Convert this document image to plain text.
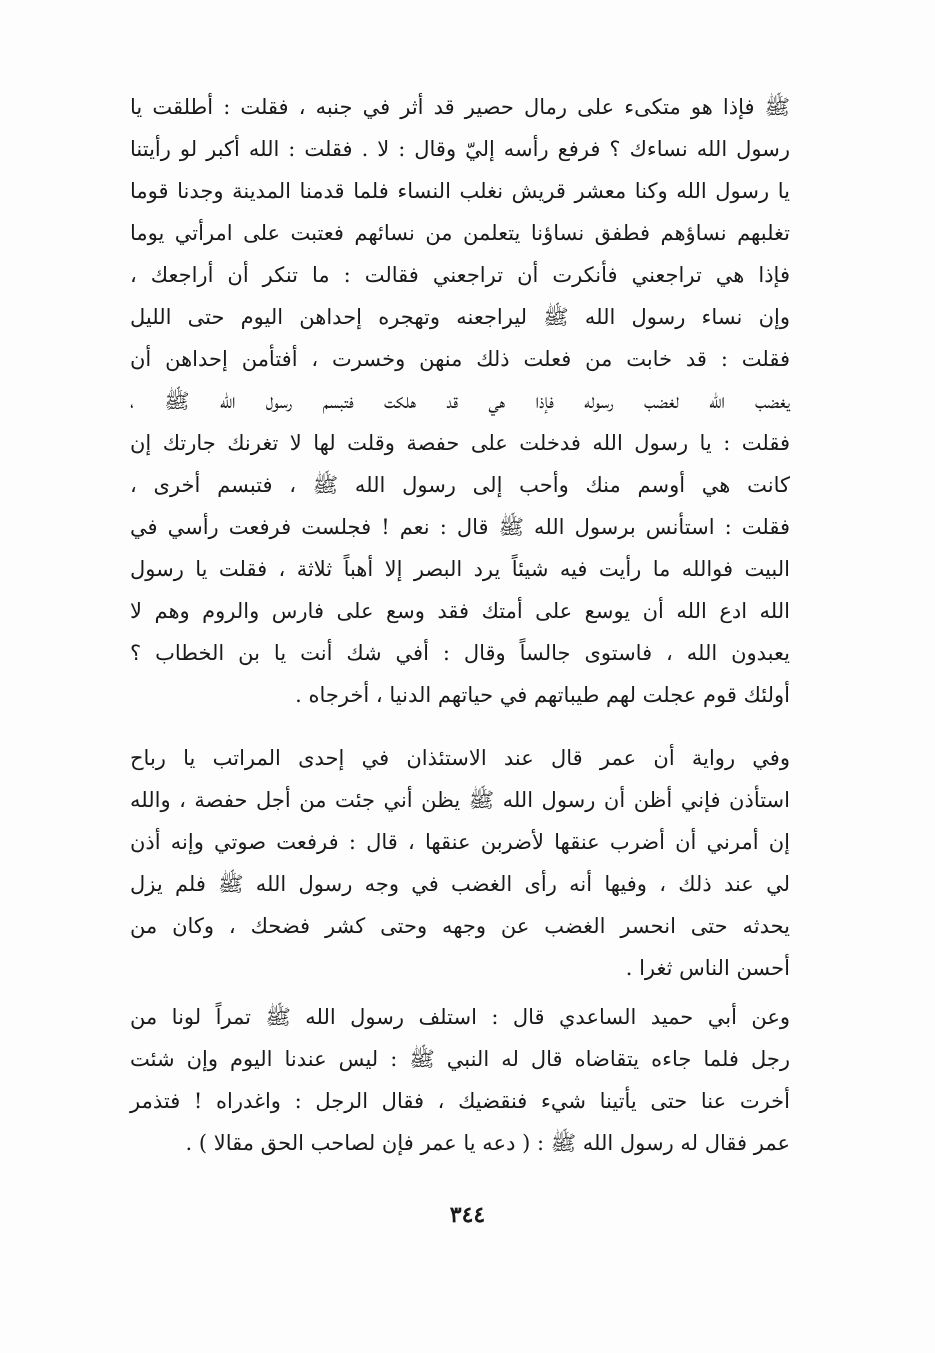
ﷺ فإذا هو متكىء على رمال حصير قد أثر في جنبه ، فقلت : أطلقت يا
رسول الله نساءك ؟ فرفع رأسه إليّ وقال : لا . فقلت : الله أكبر لو رأيتنا
يا رسول الله وكنا معشر قريش نغلب النساء فلما قدمنا المدينة وجدنا قوما
تغلبهم نساؤهم فطفق نساؤنا يتعلمن من نسائهم فعتبت على امرأتي يوما
فإذا هي تراجعني فأنكرت أن تراجعني فقالت : ما تنكر أن أراجعك ،
وإن نساء رسول الله ﷺ ليراجعنه وتهجره إحداهن اليوم حتى الليل
فقلت : قد خابت من فعلت ذلك منهن وخسرت ، أفتأمن إحداهن أن
يغضب الله لغضب رسوله فإذا هي قد هلكت فتبسم رسول الله ﷺ ،
فقلت : يا رسول الله فدخلت على حفصة وقلت لها لا تغرنك جارتك إن
كانت هي أوسم منك وأحب إلى رسول الله ﷺ ، فتبسم أخرى ،
فقلت : استأنس برسول الله ﷺ قال : نعم ! فجلست فرفعت رأسي في
البيت فوالله ما رأيت فيه شيئاً يرد البصر إلا أهباً ثلاثة ، فقلت يا رسول
الله ادع الله أن يوسع على أمتك فقد وسع على فارس والروم وهم لا
يعبدون الله ، فاستوى جالساً وقال : أفي شك أنت يا بن الخطاب ؟
أولئك قوم عجلت لهم طيباتهم في حياتهم الدنيا ، أخرجاه .
وفي رواية أن عمر قال عند الاستئذان في إحدى المراتب يا رباح
استأذن فإني أظن أن رسول الله ﷺ يظن أني جئت من أجل حفصة ، والله
إن أمرني أن أضرب عنقها لأضربن عنقها ، قال : فرفعت صوتي وإنه أذن
لي عند ذلك ، وفيها أنه رأى الغضب في وجه رسول الله ﷺ فلم يزل
يحدثه حتى انحسر الغضب عن وجهه وحتى كشر فضحك ، وكان من
أحسن الناس ثغرا .
وعن أبي حميد الساعدي قال : استلف رسول الله ﷺ تمراً لونا من
رجل فلما جاءه يتقاضاه قال له النبي ﷺ : ليس عندنا اليوم وإن شئت
أخرت عنا حتى يأتينا شيء فنقضيك ، فقال الرجل : واغدراه ! فتذمر
عمر فقال له رسول الله ﷺ : ( دعه يا عمر فإن لصاحب الحق مقالا ) .
٣٤٤
